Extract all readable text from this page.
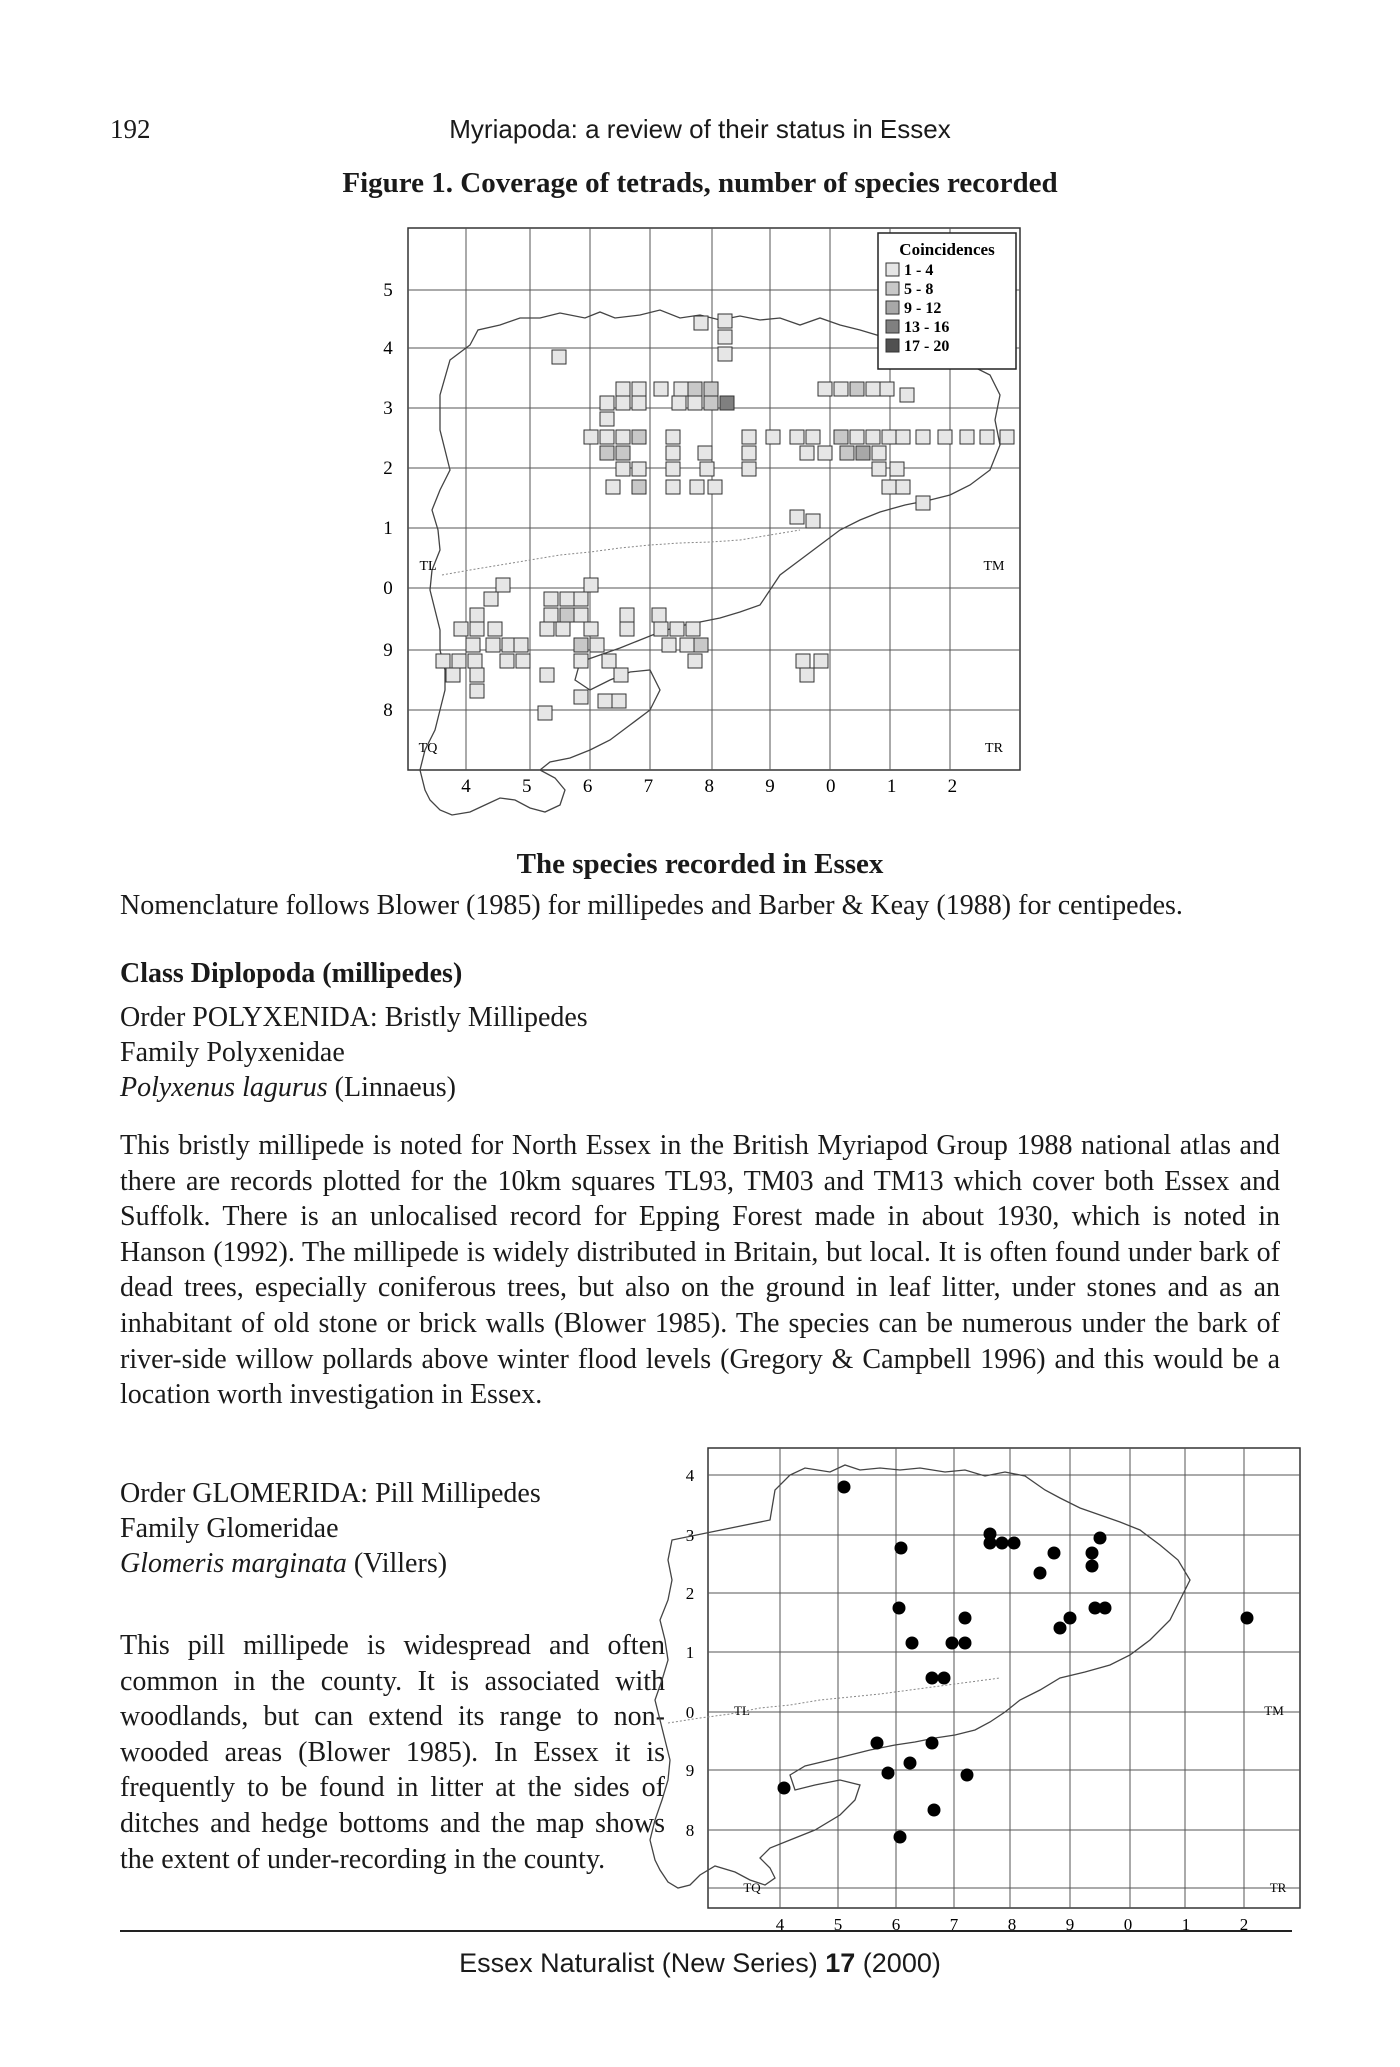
192	Myriapoda: a review of their status in Essex
Figure 1. Coverage of tetrads, number of species recorded
Coincidences
1 - 4
5 - 8
9 - 12
13 - 16
17 - 20
5
4
3
2
1
0
9
8
4	5	6	7	8	9	0	1	2
TL	TM
TQ	TR
The species recorded in Essex
Nomenclature follows Blower (1985) for millipedes and Barber & Keay (1988) for centipedes.
Class Diplopoda (millipedes)
Order POLYXENIDA: Bristly Millipedes
Family Polyxenidae
Polyxenus lagurus (Linnaeus)

This bristly millipede is noted for North Essex in the British Myriapod Group 1988 national atlas and there are records plotted for the 10km squares TL93, TM03 and TM13 which cover both Essex and Suffolk. There is an unlocalised record for Epping Forest made in about 1930, which is noted in Hanson (1992). The millipede is widely distributed in Britain, but local. It is often found under bark of dead trees, especially coniferous trees, but also on the ground in leaf litter, under stones and as an inhabitant of old stone or brick walls (Blower 1985). The species can be numerous under the bark of river-side willow pollards above winter flood levels (Gregory & Campbell 1996) and this would be a location worth investigation in Essex.

Order GLOMERIDA: Pill Millipedes
Family Glomeridae
Glomeris marginata (Villers)

This pill millipede is widespread and often common in the county. It is associated with woodlands, but can extend its range to non-wooded areas (Blower 1985). In Essex it is frequently to be found in litter at the sides of ditches and hedge bottoms and the map shows the extent of under-recording in the county.

4
3
2
1
0
9
8
4	5	6	7	8	9	0	1	2
TL	TM
TQ	TR
Essex Naturalist (New Series) 17 (2000)
